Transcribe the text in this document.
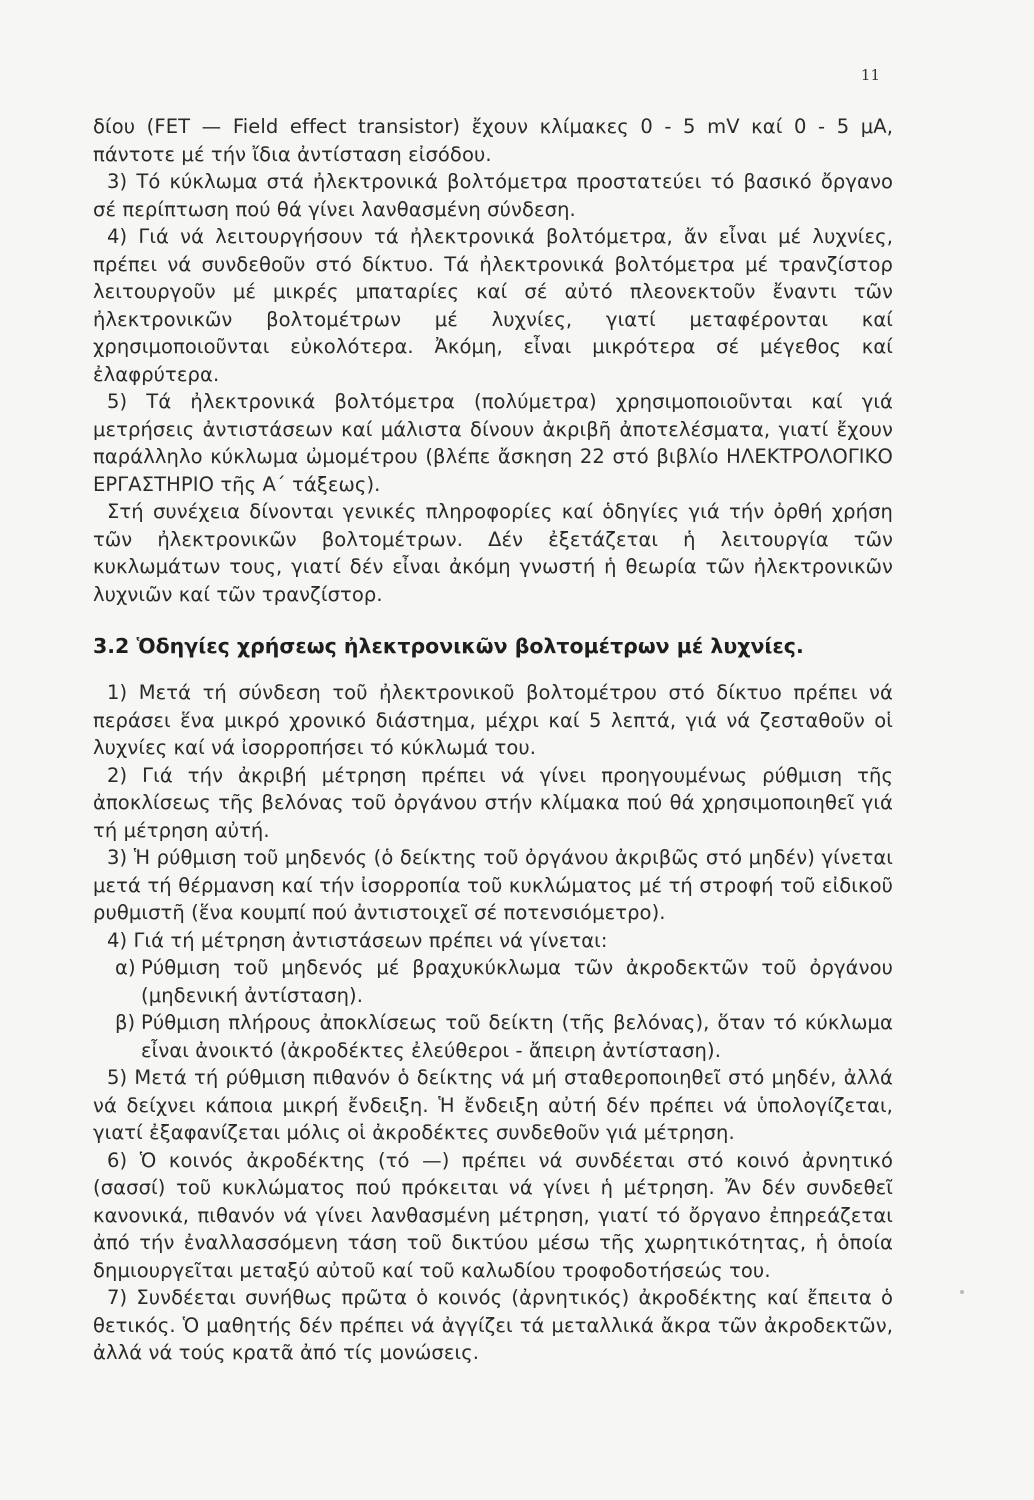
11

δίου (FET — Field effect transistor) ἔχουν κλίμακες 0 - 5 mV καί 0 - 5 μΑ, πάντοτε μέ τήν ἴδια ἀντίσταση εἰσόδου.

3) Τό κύκλωμα στά ἠλεκτρονικά βολτόμετρα προστατεύει τό βασικό ὄργανο σέ περίπτωση πού θά γίνει λανθασμένη σύνδεση.

4) Γιά νά λειτουργήσουν τά ἠλεκτρονικά βολτόμετρα, ἄν εἶναι μέ λυχνίες, πρέπει νά συνδεθοῦν στό δίκτυο. Τά ἠλεκτρονικά βολτόμετρα μέ τρανζίστορ λειτουργοῦν μέ μικρές μπαταρίες καί σέ αὐτό πλεονεκτοῦν ἔναντι τῶν ἠλεκτρονικῶν βολτομέτρων μέ λυχνίες, γιατί μεταφέρονται καί χρησιμοποιοῦνται εὐκολότερα. Ἀκόμη, εἶναι μικρότερα σέ μέγεθος καί ἐλαφρύτερα.

5) Τά ἠλεκτρονικά βολτόμετρα (πολύμετρα) χρησιμοποιοῦνται καί γιά μετρήσεις ἀντιστάσεων καί μάλιστα δίνουν ἀκριβῆ ἀποτελέσματα, γιατί ἔχουν παράλληλο κύκλωμα ὠμομέτρου (βλέπε ἄσκηση 22 στό βιβλίο ΗΛΕΚΤΡΟΛΟΓΙΚΟ ΕΡΓΑΣΤΗΡΙΟ τῆς Α΄ τάξεως).

Στή συνέχεια δίνονται γενικές πληροφορίες καί ὁδηγίες γιά τήν ὀρθή χρήση τῶν ἠλεκτρονικῶν βολτομέτρων. Δέν ἐξετάζεται ἡ λειτουργία τῶν κυκλωμάτων τους, γιατί δέν εἶναι ἀκόμη γνωστή ἡ θεωρία τῶν ἠλεκτρονικῶν λυχνιῶν καί τῶν τρανζίστορ.

3.2 Ὁδηγίες χρήσεως ἠλεκτρονικῶν βολτομέτρων μέ λυχνίες.

1) Μετά τή σύνδεση τοῦ ἠλεκτρονικοῦ βολτομέτρου στό δίκτυο πρέπει νά περάσει ἕνα μικρό χρονικό διάστημα, μέχρι καί 5 λεπτά, γιά νά ζεσταθοῦν οἱ λυχνίες καί νά ἰσορροπήσει τό κύκλωμά του.

2) Γιά τήν ἀκριβή μέτρηση πρέπει νά γίνει προηγουμένως ρύθμιση τῆς ἀποκλίσεως τῆς βελόνας τοῦ ὀργάνου στήν κλίμακα πού θά χρησιμοποιηθεῖ γιά τή μέτρηση αὐτή.

3) Ἡ ρύθμιση τοῦ μηδενός (ὁ δείκτης τοῦ ὀργάνου ἀκριβῶς στό μηδέν) γίνεται μετά τή θέρμανση καί τήν ἰσορροπία τοῦ κυκλώματος μέ τή στροφή τοῦ εἰδικοῦ ρυθμιστῆ (ἕνα κουμπί πού ἀντιστοιχεῖ σέ ποτενσιόμετρο).

4) Γιά τή μέτρηση ἀντιστάσεων πρέπει νά γίνεται:

α) Ρύθμιση τοῦ μηδενός μέ βραχυκύκλωμα τῶν ἀκροδεκτῶν τοῦ ὀργάνου (μηδενική ἀντίσταση).

β) Ρύθμιση πλήρους ἀποκλίσεως τοῦ δείκτη (τῆς βελόνας), ὅταν τό κύκλωμα εἶναι ἀνοικτό (ἀκροδέκτες ἐλεύθεροι - ἄπειρη ἀντίσταση).

5) Μετά τή ρύθμιση πιθανόν ὁ δείκτης νά μή σταθεροποιηθεῖ στό μηδέν, ἀλλά νά δείχνει κάποια μικρή ἔνδειξη. Ἡ ἔνδειξη αὐτή δέν πρέπει νά ὑπολογίζεται, γιατί ἐξαφανίζεται μόλις οἱ ἀκροδέκτες συνδεθοῦν γιά μέτρηση.

6) Ὁ κοινός ἀκροδέκτης (τό —) πρέπει νά συνδέεται στό κοινό ἀρνητικό (σασσί) τοῦ κυκλώματος πού πρόκειται νά γίνει ἡ μέτρηση. Ἄν δέν συνδεθεῖ κανονικά, πιθανόν νά γίνει λανθασμένη μέτρηση, γιατί τό ὄργανο ἐπηρεάζεται ἀπό τήν ἐναλλασσόμενη τάση τοῦ δικτύου μέσω τῆς χωρητικότητας, ἡ ὁποία δημιουργεῖται μεταξύ αὐτοῦ καί τοῦ καλωδίου τροφοδοτήσεώς του.

7) Συνδέεται συνήθως πρῶτα ὁ κοινός (ἀρνητικός) ἀκροδέκτης καί ἔπειτα ὁ θετικός. Ὁ μαθητής δέν πρέπει νά ἀγγίζει τά μεταλλικά ἄκρα τῶν ἀκροδεκτῶν, ἀλλά νά τούς κρατᾶ ἀπό τίς μονώσεις.
